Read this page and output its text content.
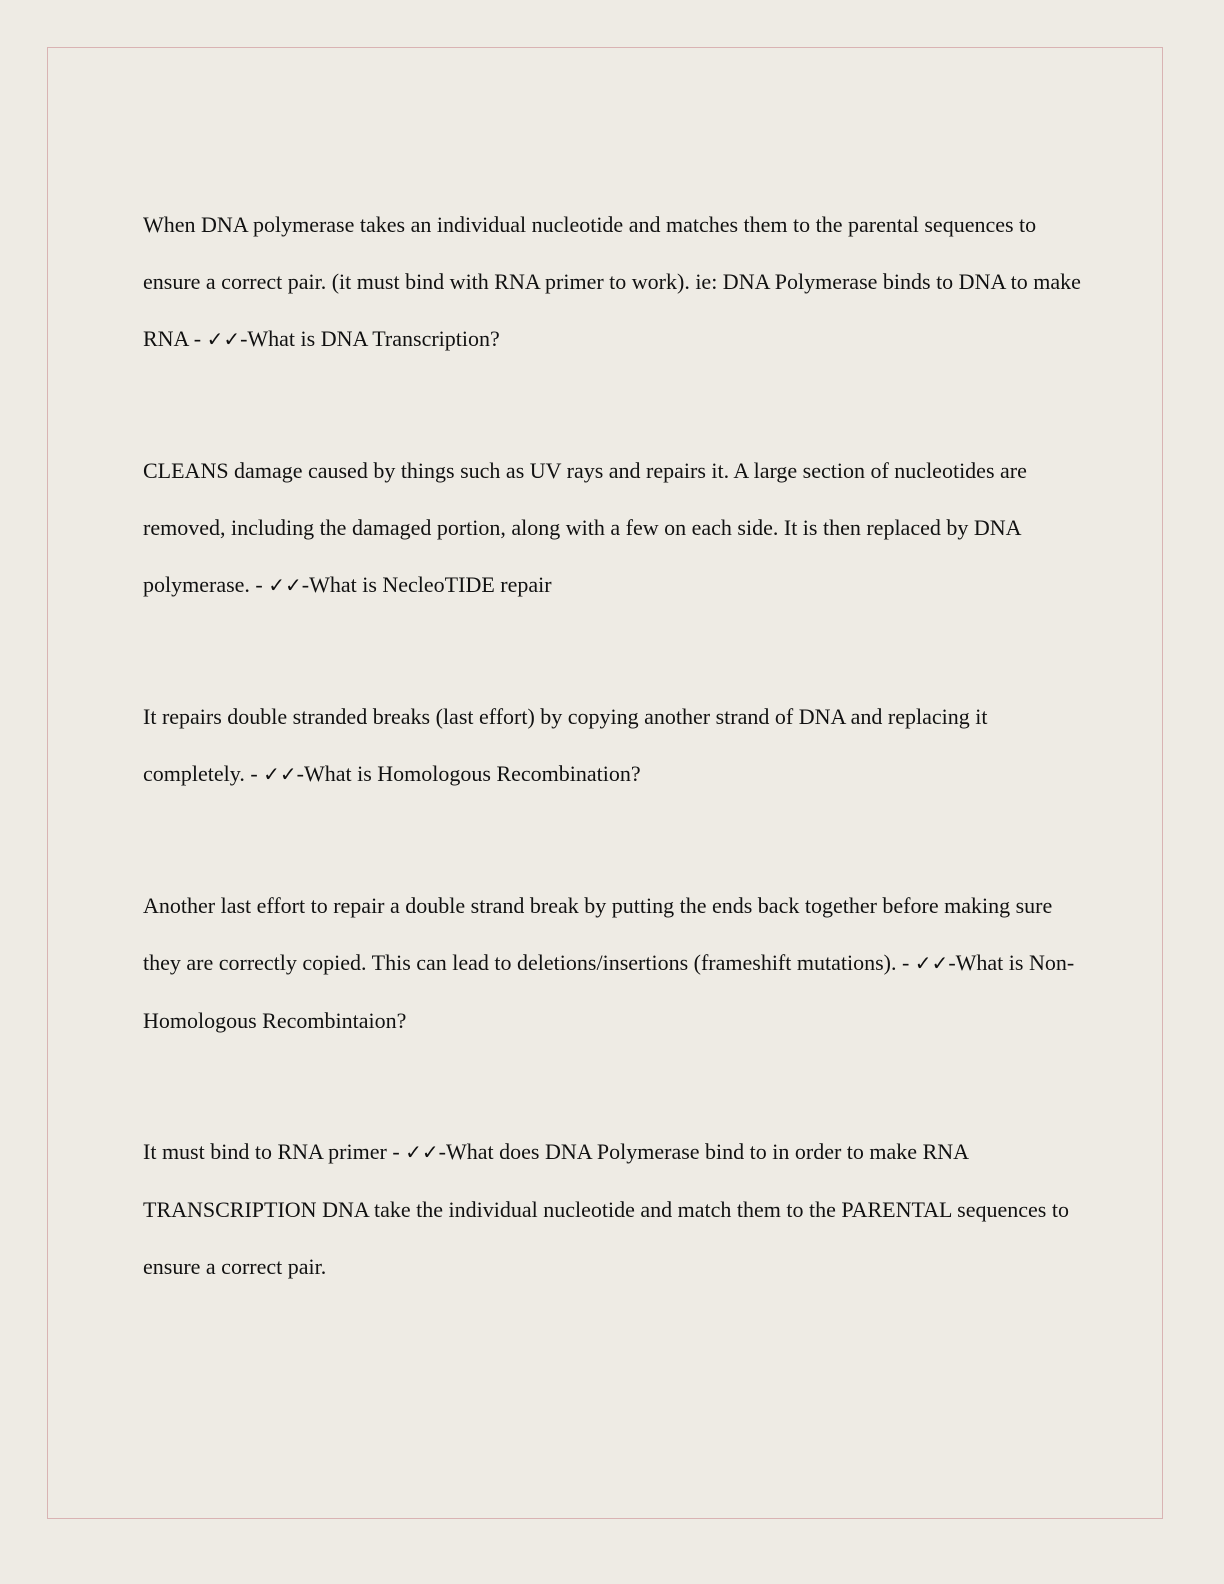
When DNA polymerase takes an individual nucleotide and matches them to the parental sequences to ensure a correct pair. (it must bind with RNA primer to work). ie: DNA Polymerase binds to DNA to make RNA - ✓✓-What is DNA Transcription?

CLEANS damage caused by things such as UV rays and repairs it. A large section of nucleotides are removed, including the damaged portion, along with a few on each side. It is then replaced by DNA polymerase. - ✓✓-What is NecleoTIDE repair

It repairs double stranded breaks (last effort) by copying another strand of DNA and replacing it completely. - ✓✓-What is Homologous Recombination?

Another last effort to repair a double strand break by putting the ends back together before making sure they are correctly copied. This can lead to deletions/insertions (frameshift mutations). - ✓✓-What is Non-Homologous Recombintaion?

It must bind to RNA primer - ✓✓-What does DNA Polymerase bind to in order to make RNA TRANSCRIPTION DNA take the individual nucleotide and match them to the PARENTAL sequences to ensure a correct pair.
